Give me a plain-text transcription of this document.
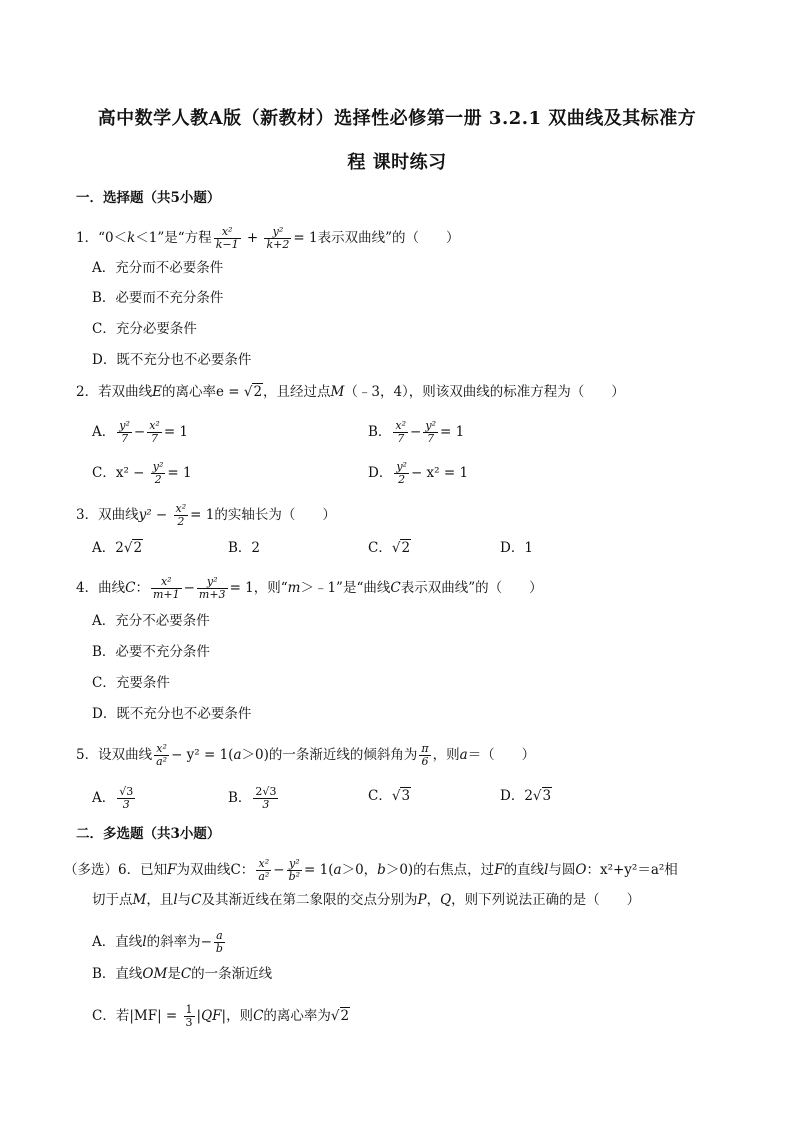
高中数学人教A版（新教材）选择性必修第一册 3.2.1 双曲线及其标准方
程 课时练习
一．选择题（共5小题）
1．“0＜k＜1”是“方程 $\frac{\text{x²}}{k-1} + \frac{\text{y²}}{k+2} = 1$表示双曲线”的（　　）
A．充分而不必要条件
B．必要而不充分条件
C．充分必要条件
D．既不充分也不必要条件
2．若双曲线E的离心率e = √2，且经过点M（﹣3，4），则该双曲线的标准方程为（　　）
A． $\frac{\text{y²}}{7} - \frac{\text{x²}}{7} = 1$	B． $\frac{\text{x²}}{7} - \frac{\text{y²}}{7} = 1$
C．$x^2 - \frac{\text{y²}}{2} = 1$	D． $\frac{\text{y²}}{2} - x^2 = 1$
3．双曲线$y^2 - \frac{\text{x²}}{2} = 1$的实轴长为（　　）
A．2√2	B．2	C．√2	D．1
4．曲线C： $\frac{\text{x²}}{m+1} - \frac{\text{y²}}{m+3} = 1$，则“m＞﹣1”是“曲线C表示双曲线”的（　　）
A．充分不必要条件
B．必要不充分条件
C．充要条件
D．既不充分也不必要条件
5．设双曲线 $\frac{\text{x²}}{\text{a²}} - y^2 = 1(a>0)$的一条渐近线的倾斜角为 $\frac{\pi}{6}$ ，则a＝（　　）
A． $\frac{√3}{3}$	B． $\frac{2√3}{3}$	C．√3	D．2√3
二．多选题（共3小题）
（多选）6．已知F为双曲线C： $\frac{\text{x²}}{\text{a²}} - \frac{\text{y²}}{\text{b²}} = 1(a>0$，b＞0)的右焦点，过F的直线l与圆O：x²+y²＝a²相
切于点M，且l与C及其渐近线在第二象限的交点分别为P，Q，则下列说法正确的是（　　）
A．直线l的斜率为− $\frac{a}{b}$
B．直线OM是C的一条渐近线
C．若$|MF| = \frac{1}{3} |QF|$，则C的离心率为√2
